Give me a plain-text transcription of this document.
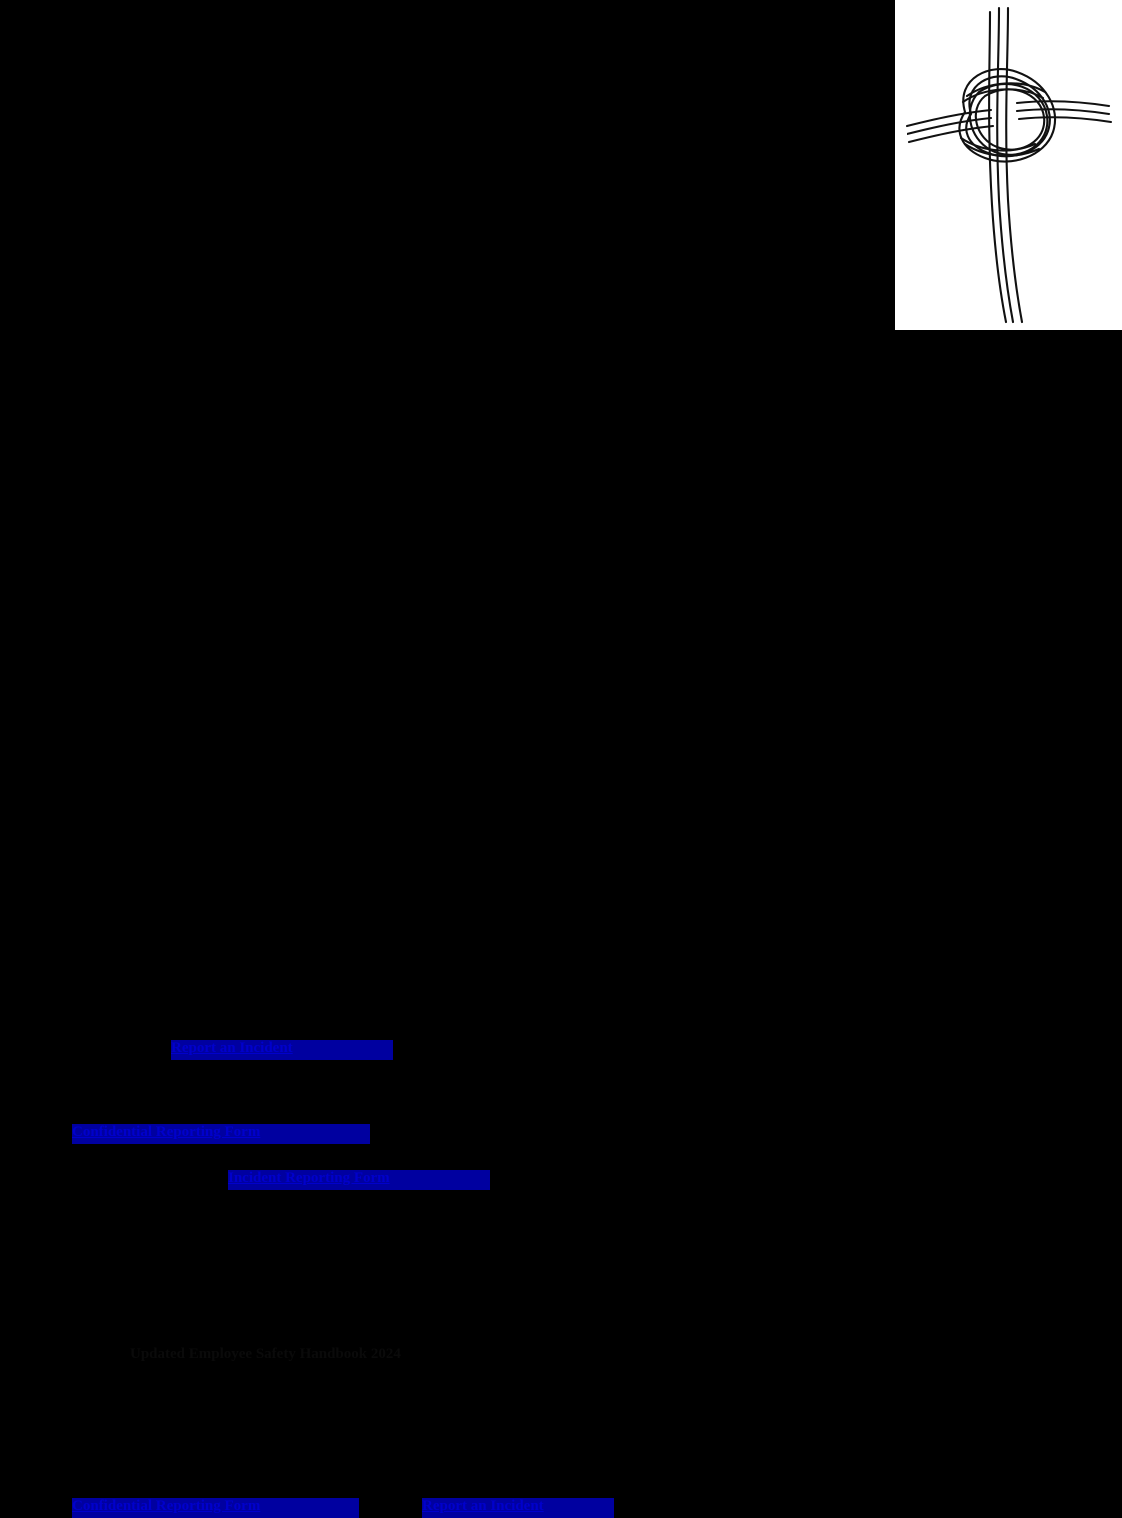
Report an Incident
Confidential Reporting Form
Incident Reporting Form
Confidential Reporting Form	Report an Incident
Updated Employee Safety Handbook 2024
